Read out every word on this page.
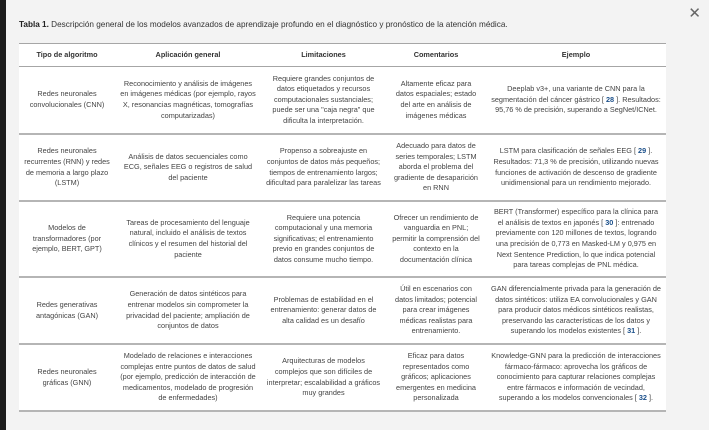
✕
Tabla 1. Descripción general de los modelos avanzados de aprendizaje profundo en el diagnóstico y pronóstico de la atención médica.
Tipo de algoritmo	Aplicación general	Limitaciones	Comentarios	Ejemplo
Redes neuronales convolucionales (CNN)	Reconocimiento y análisis de imágenes en imágenes médicas (por ejemplo, rayos X, resonancias magnéticas, tomografías computarizadas)	Requiere grandes conjuntos de datos etiquetados y recursos computacionales sustanciales; puede ser una "caja negra" que dificulta la interpretación.	Altamente eficaz para datos espaciales; estado del arte en análisis de imágenes médicas	Deeplab v3+, una variante de CNN para la segmentación del cáncer gástrico [ 28 ]. Resultados: 95,76 % de precisión, superando a SegNet/ICNet.
Redes neuronales recurrentes (RNN) y redes de memoria a largo plazo (LSTM)	Análisis de datos secuenciales como ECG, señales EEG o registros de salud del paciente	Propenso a sobreajuste en conjuntos de datos más pequeños; tiempos de entrenamiento largos; dificultad para paralelizar las tareas	Adecuado para datos de series temporales; LSTM aborda el problema del gradiente de desaparición en RNN	LSTM para clasificación de señales EEG [ 29 ]. Resultados: 71,3 % de precisión, utilizando nuevas funciones de activación de descenso de gradiente unidimensional para un rendimiento mejorado.
Modelos de transformadores (por ejemplo, BERT, GPT)	Tareas de procesamiento del lenguaje natural, incluido el análisis de textos clínicos y el resumen del historial del paciente	Requiere una potencia computacional y una memoria significativas; el entrenamiento previo en grandes conjuntos de datos consume mucho tiempo.	Ofrecer un rendimiento de vanguardia en PNL; permitir la comprensión del contexto en la documentación clínica	BERT (Transformer) específico para la clínica para el análisis de textos en japonés [ 30 ]: entrenado previamente con 120 millones de textos, logrando una precisión de 0,773 en Masked-LM y 0,975 en Next Sentence Prediction, lo que indica potencial para tareas complejas de PNL médica.
Redes generativas antagónicas (GAN)	Generación de datos sintéticos para entrenar modelos sin comprometer la privacidad del paciente; ampliación de conjuntos de datos	Problemas de estabilidad en el entrenamiento: generar datos de alta calidad es un desafío	Útil en escenarios con datos limitados; potencial para crear imágenes médicas realistas para entrenamiento.	GAN diferencialmente privada para la generación de datos sintéticos: utiliza EA convolucionales y GAN para producir datos médicos sintéticos realistas, preservando las características de los datos y superando los modelos existentes [ 31 ].
Redes neuronales gráficas (GNN)	Modelado de relaciones e interacciones complejas entre puntos de datos de salud (por ejemplo, predicción de interacción de medicamentos, modelado de progresión de enfermedades)	Arquitecturas de modelos complejos que son difíciles de interpretar; escalabilidad a gráficos muy grandes	Eficaz para datos representados como gráficos; aplicaciones emergentes en medicina personalizada	Knowledge-GNN para la predicción de interacciones fármaco-fármaco: aprovecha los gráficos de conocimiento para capturar relaciones complejas entre fármacos e información de vecindad, superando a los modelos convencionales [ 32 ].
